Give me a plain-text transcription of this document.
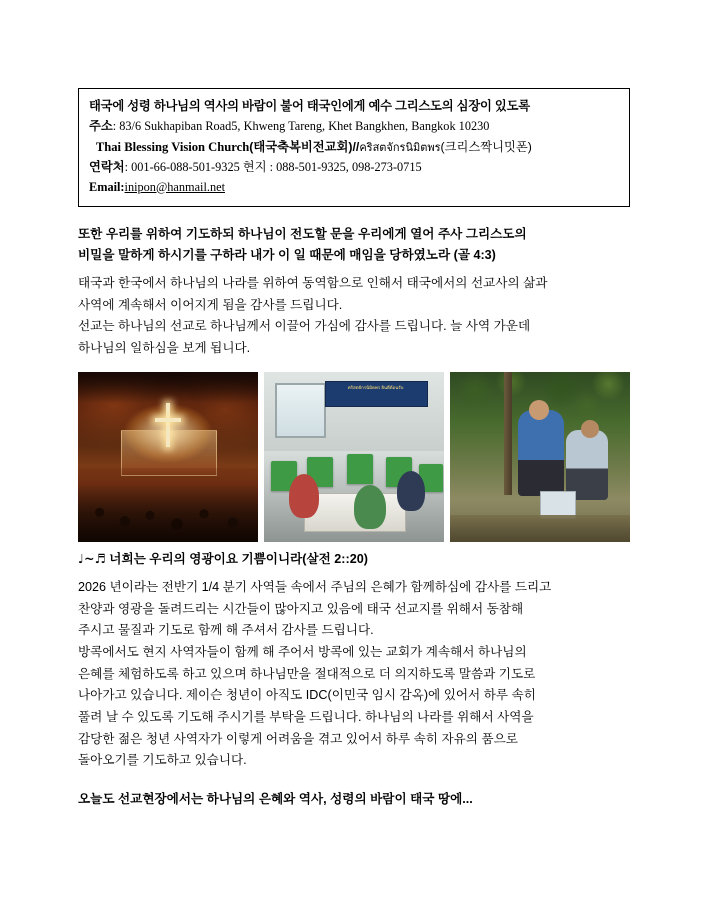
태국에 성령 하나님의 역사의 바람이 불어 태국인에게 예수 그리스도의 심장이 있도록
주소: 83/6 Sukhapiban Road5, Khweng Tareng, Khet Bangkhen, Bangkok 10230
Thai Blessing Vision Church(태국축복비전교회)//คริสตจักรนิมิตพร(크리스짝니밋폰)
연락처: 001-66-088-501-9325 현지 : 088-501-9325, 098-273-0715
Email:inipon@hanmail.net

또한 우리를 위하여 기도하되 하나님이 전도할 문을 우리에게 열어 주사 그리스도의

비밀을 말하게 하시기를 구하라 내가 이 일 때문에 매임을 당하였노라 (골 4:3)

태국과 한국에서 하나님의 나라를 위하여 동역함으로 인해서 태국에서의 선교사의 삶과

사역에 계속해서 이어지게 됨을 감사를 드립니다.

선교는 하나님의 선교로 하나님께서 이끌어 가심에 감사를 드립니다. 늘 사역 가운데

하나님의 일하심을 보게 됩니다.

คริสตจักรนิมิตพร ยินดีต้อนรับ

♩~♬ 너희는 우리의 영광이요 기쁨이니라(살전 2::20)

2026 년이라는 전반기 1/4 분기 사역들 속에서 주님의 은혜가 함께하심에 감사를 드리고

찬양과 영광을 돌려드리는 시간들이 많아지고 있음에 태국 선교지를 위해서 동참해

주시고 물질과 기도로 함께 해 주셔서 감사를 드립니다.

방콕에서도 현지 사역자들이 함께 해 주어서 방콕에 있는 교회가 계속해서 하나님의

은혜를 체험하도록 하고 있으며 하나님만을 절대적으로 더 의지하도록 말씀과 기도로

나아가고 있습니다. 제이슨 청년이 아직도 IDC(이민국 임시 감옥)에 있어서 하루 속히

풀려 날 수 있도록 기도해 주시기를 부탁을 드립니다. 하나님의 나라를 위해서 사역을

감당한 젊은 청년 사역자가 이렇게 어려움을 겪고 있어서 하루 속히 자유의 품으로

돌아오기를 기도하고 있습니다.

오늘도 선교현장에서는 하나님의 은혜와 역사, 성령의 바람이 태국 땅에...
